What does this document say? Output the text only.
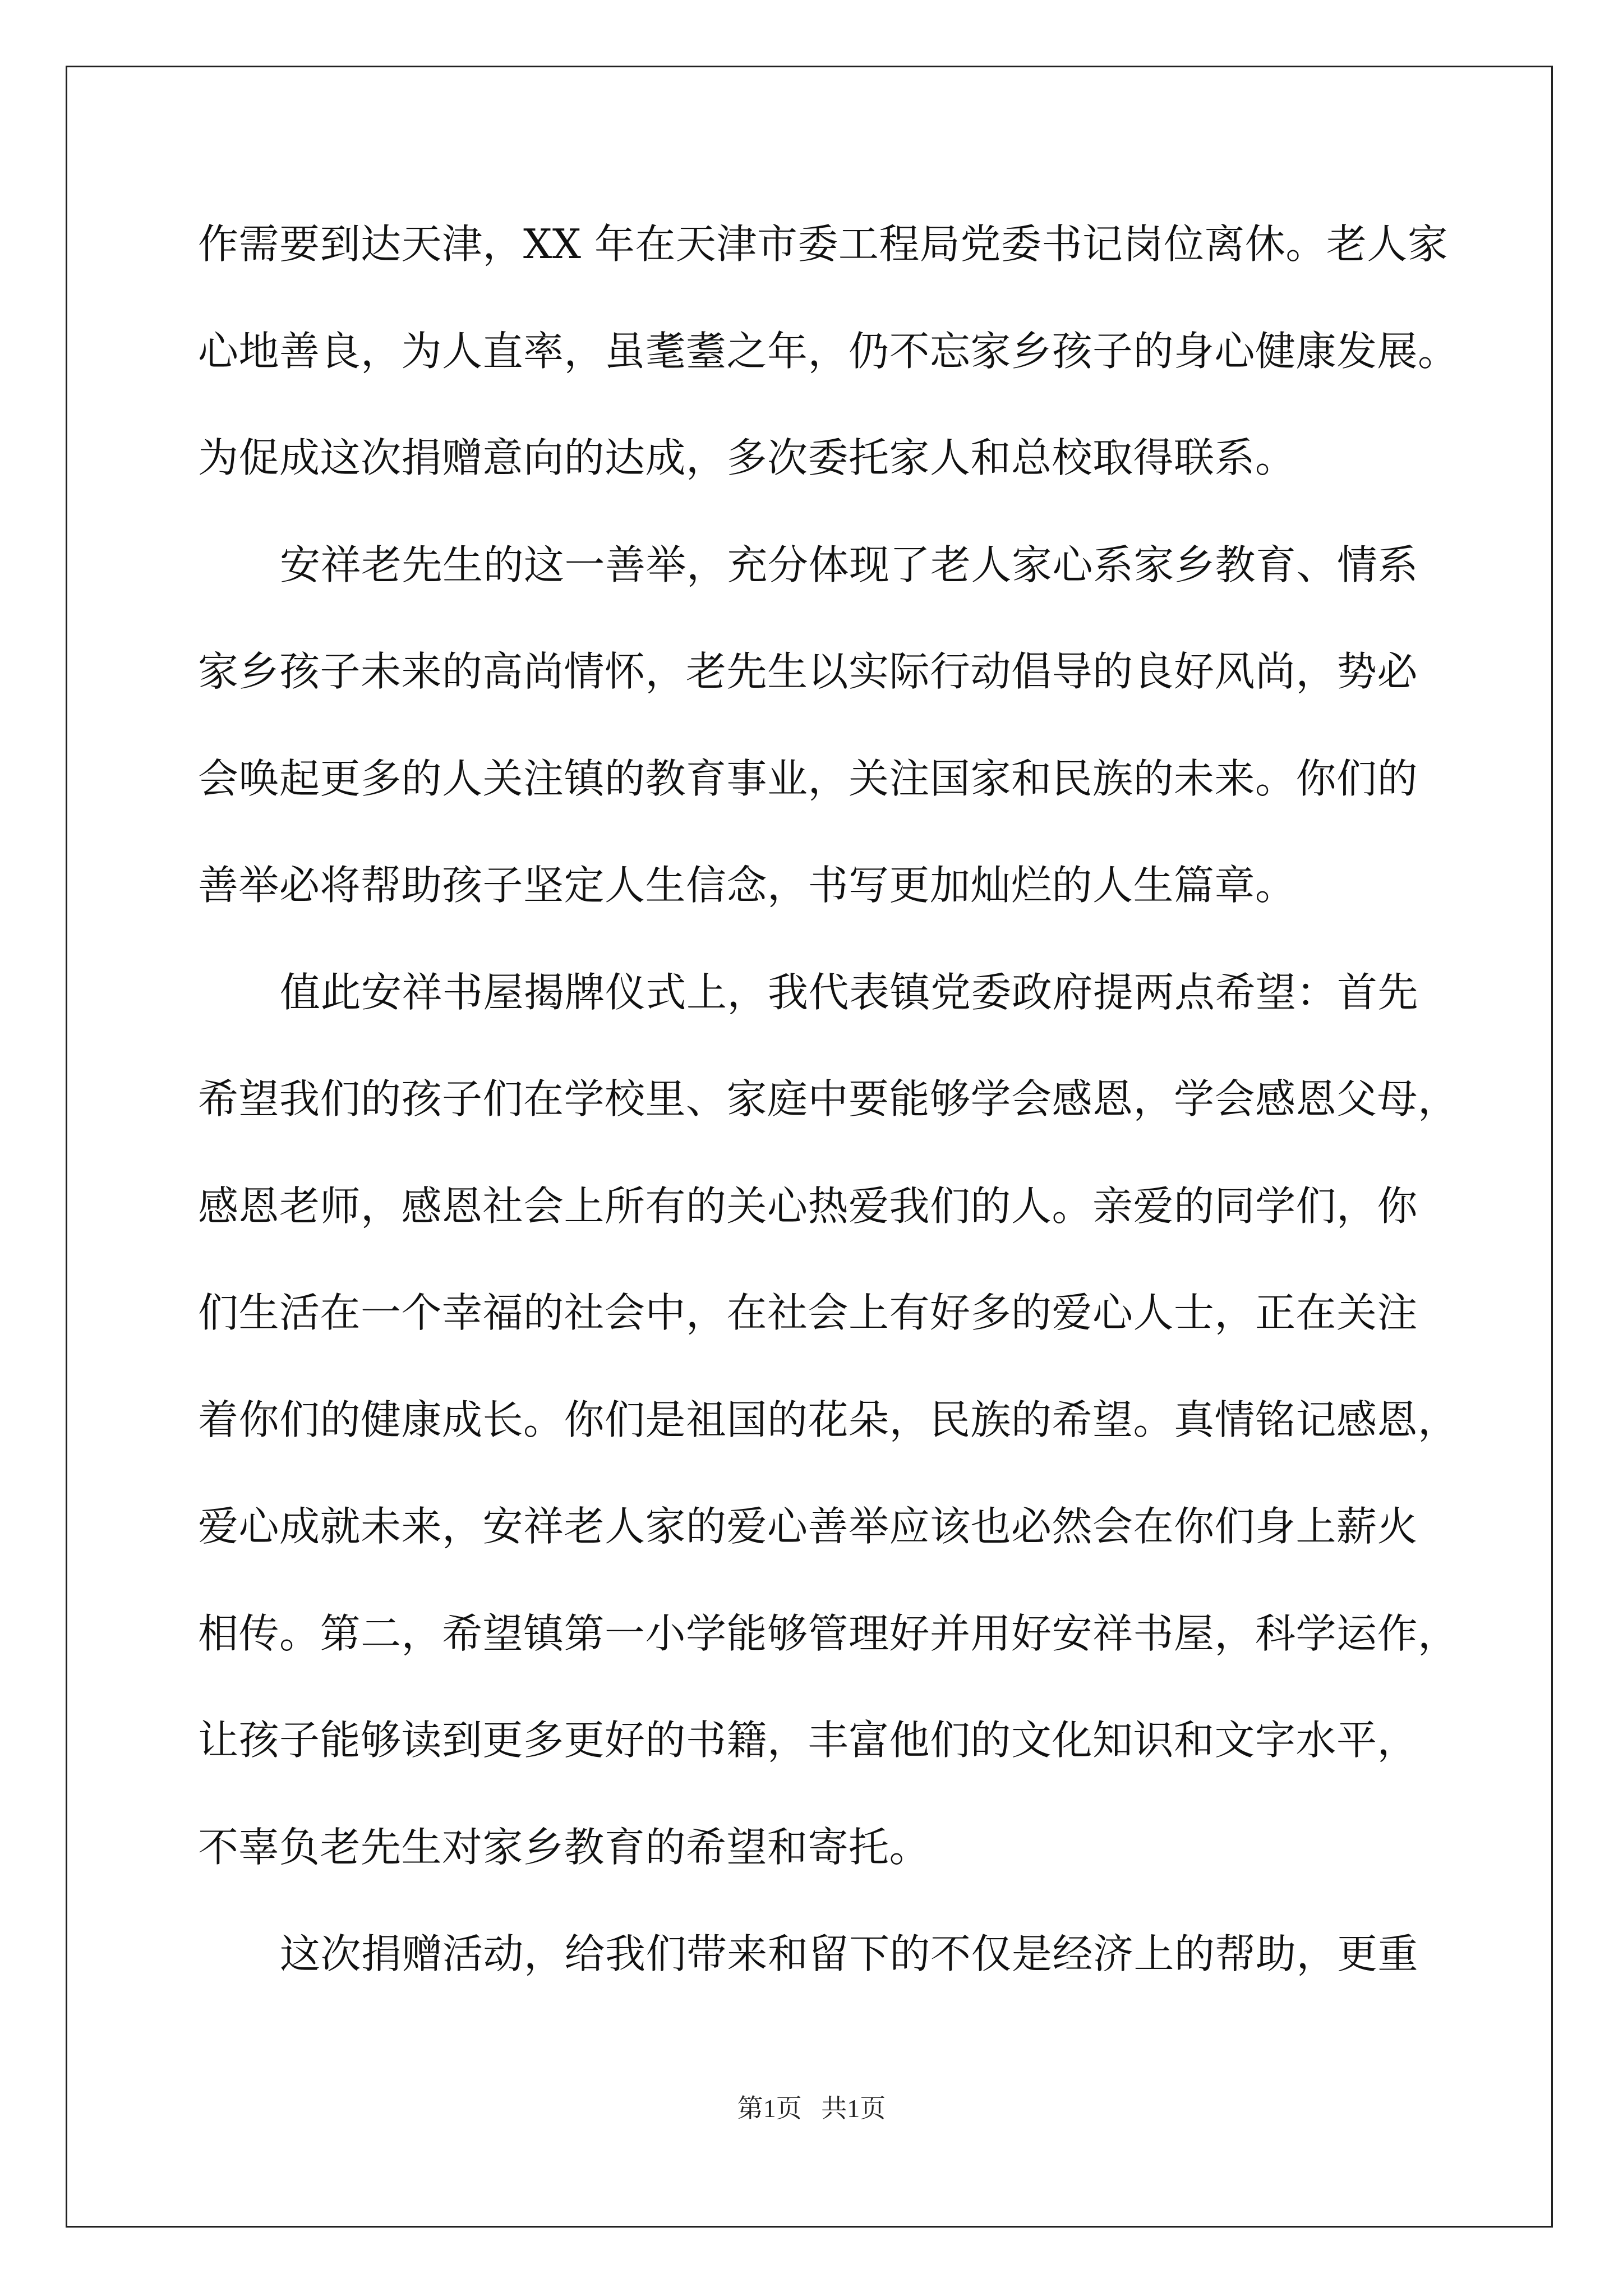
作需要到达天津，XX 年在天津市委工程局党委书记岗位离休。老人家
心地善良，为人直率，虽耄耋之年，仍不忘家乡孩子的身心健康发展。
为促成这次捐赠意向的达成，多次委托家人和总校取得联系。
安祥老先生的这一善举，充分体现了老人家心系家乡教育、情系
家乡孩子未来的高尚情怀，老先生以实际行动倡导的良好风尚，势必
会唤起更多的人关注镇的教育事业，关注国家和民族的未来。你们的
善举必将帮助孩子坚定人生信念，书写更加灿烂的人生篇章。
值此安祥书屋揭牌仪式上，我代表镇党委政府提两点希望：首先
希望我们的孩子们在学校里、家庭中要能够学会感恩，学会感恩父母，
感恩老师，感恩社会上所有的关心热爱我们的人。亲爱的同学们，你
们生活在一个幸福的社会中，在社会上有好多的爱心人士，正在关注
着你们的健康成长。你们是祖国的花朵，民族的希望。真情铭记感恩，
爱心成就未来，安祥老人家的爱心善举应该也必然会在你们身上薪火
相传。第二，希望镇第一小学能够管理好并用好安祥书屋，科学运作，
让孩子能够读到更多更好的书籍，丰富他们的文化知识和文字水平，
不辜负老先生对家乡教育的希望和寄托。
这次捐赠活动，给我们带来和留下的不仅是经济上的帮助，更重
第1页   共1页
